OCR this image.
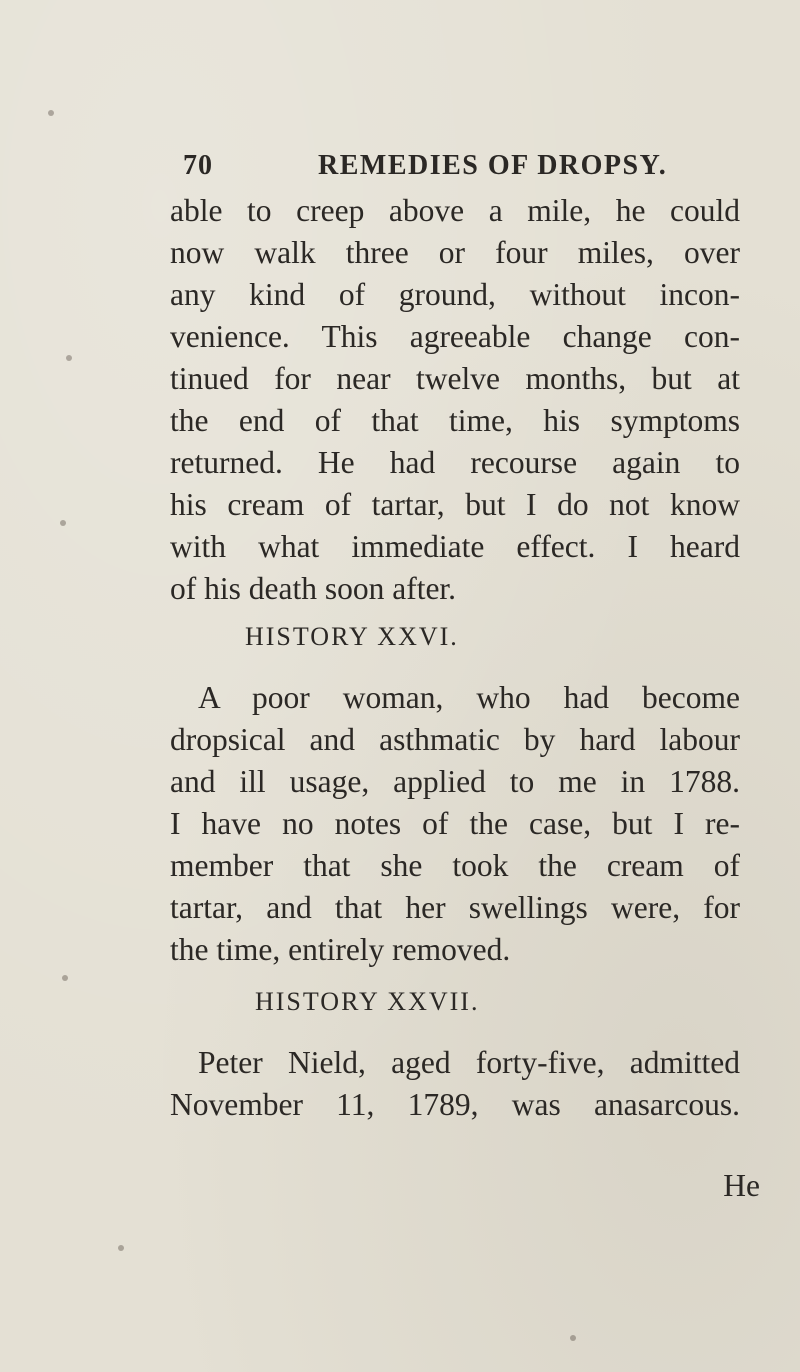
70	REMEDIES OF DROPSY.
able to creep above a mile, he could
now walk three or four miles, over
any kind of ground, without incon-
venience. This agreeable change con-
tinued for near twelve months, but at
the end of that time, his symptoms
returned. He had recourse again to
his cream of tartar, but I do not know
with what immediate effect. I heard
of his death soon after.
HISTORY XXVI.
A poor woman, who had become
dropsical and asthmatic by hard labour
and ill usage, applied to me in 1788.
I have no notes of the case, but I re-
member that she took the cream of
tartar, and that her swellings were, for
the time, entirely removed.
HISTORY XXVII.
Peter Nield, aged forty-five, admitted
November 11, 1789, was anasarcous.
He
